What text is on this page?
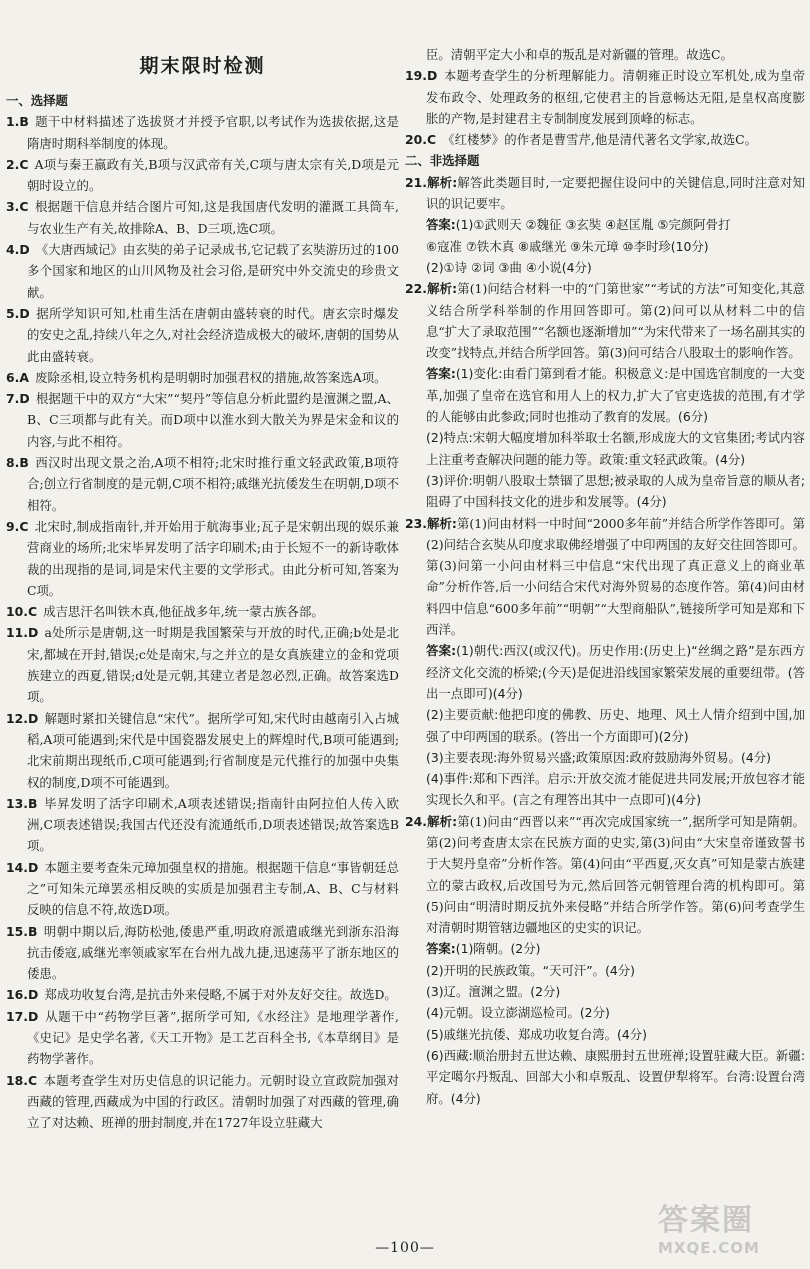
期末限时检测
一、选择题
1.B  题干中材料描述了选拔贤才并授予官职,以考试作为选拔依据,这是隋唐时期科举制度的体现。
2.C  A项与秦王嬴政有关,B项与汉武帝有关,C项与唐太宗有关,D项是元朝时设立的。
3.C  根据题干信息并结合图片可知,这是我国唐代发明的灌溉工具筒车,与农业生产有关,故排除A、B、D三项,选C项。
4.D  《大唐西域记》由玄奘的弟子记录成书,它记载了玄奘游历过的100多个国家和地区的山川风物及社会习俗,是研究中外交流史的珍贵文献。
5.D  据所学知识可知,杜甫生活在唐朝由盛转衰的时代。唐玄宗时爆发的安史之乱,持续八年之久,对社会经济造成极大的破坏,唐朝的国势从此由盛转衰。
6.A  废除丞相,设立特务机构是明朝时加强君权的措施,故答案选A项。
7.D  根据题干中的双方“大宋”“契丹”等信息分析此盟约是澶渊之盟,A、B、C三项都与此有关。而D项中以淮水到大散关为界是宋金和议的内容,与此不相符。
8.B  西汉时出现文景之治,A项不相符;北宋时推行重文轻武政策,B项符合;创立行省制度的是元朝,C项不相符;戚继光抗倭发生在明朝,D项不相符。
9.C  北宋时,制成指南针,并开始用于航海事业;瓦子是宋朝出现的娱乐兼营商业的场所;北宋毕昇发明了活字印刷术;由于长短不一的新诗歌体裁的出现指的是词,词是宋代主要的文学形式。由此分析可知,答案为C项。
10.C  成吉思汗名叫铁木真,他征战多年,统一蒙古族各部。
11.D  a处所示是唐朝,这一时期是我国繁荣与开放的时代,正确;b处是北宋,都城在开封,错误;c处是南宋,与之并立的是女真族建立的金和党项族建立的西夏,错误;d处是元朝,其建立者是忽必烈,正确。故答案选D项。
12.D  解题时紧扣关键信息“宋代”。据所学可知,宋代时由越南引入占城稻,A项可能遇到;宋代是中国瓷器发展史上的辉煌时代,B项可能遇到;北宋前期出现纸币,C项可能遇到;行省制度是元代推行的加强中央集权的制度,D项不可能遇到。
13.B  毕昇发明了活字印刷术,A项表述错误;指南针由阿拉伯人传入欧洲,C项表述错误;我国古代还没有流通纸币,D项表述错误;故答案选B项。
14.D  本题主要考查朱元璋加强皇权的措施。根据题干信息“事皆朝廷总之”可知朱元璋罢丞相反映的实质是加强君主专制,A、B、C与材料反映的信息不符,故选D项。
15.B  明朝中期以后,海防松弛,倭患严重,明政府派遣戚继光到浙东沿海抗击倭寇,戚继光率领戚家军在台州九战九捷,迅速荡平了浙东地区的倭患。
16.D  郑成功收复台湾,是抗击外来侵略,不属于对外友好交往。故选D。
17.D  从题干中“药物学巨著”,据所学可知,《水经注》是地理学著作,《史记》是史学名著,《天工开物》是工艺百科全书,《本草纲目》是药物学著作。
18.C  本题考查学生对历史信息的识记能力。元朝时设立宣政院加强对西藏的管理,西藏成为中国的行政区。清朝时加强了对西藏的管理,确立了对达赖、班禅的册封制度,并在1727年设立驻藏大
臣。清朝平定大小和卓的叛乱是对新疆的管理。故选C。
19.D  本题考查学生的分析理解能力。清朝雍正时设立军机处,成为皇帝发布政令、处理政务的枢纽,它使君主的旨意畅达无阻,是皇权高度膨胀的产物,是封建君主专制制度发展到顶峰的标志。
20.C  《红楼梦》的作者是曹雪芹,他是清代著名文学家,故选C。
二、非选择题
21.解析:解答此类题目时,一定要把握住设问中的关键信息,同时注意对知识的识记要牢。
答案:(1)①武则天 ②魏征 ③玄奘 ④赵匡胤 ⑤完颜阿骨打
⑥寇准 ⑦铁木真 ⑧戚继光 ⑨朱元璋 ⑩李时珍(10分)
(2)①诗 ②词 ③曲 ④小说(4分)
22.解析:第(1)问结合材料一中的“门第世家”“考试的方法”可知变化,其意义结合所学科举制的作用回答即可。第(2)问可以从材料二中的信息“扩大了录取范围”“名额也逐渐增加”“为宋代带来了一场名副其实的改变”找特点,并结合所学回答。第(3)问可结合八股取士的影响作答。
答案:(1)变化:由看门第到看才能。积极意义:是中国选官制度的一大变革,加强了皇帝在选官和用人上的权力,扩大了官吏选拔的范围,有才学的人能够由此参政;同时也推动了教育的发展。(6分)
(2)特点:宋朝大幅度增加科举取士名额,形成庞大的文官集团;考试内容上注重考查解决问题的能力等。政策:重文轻武政策。(4分)
(3)评价:明朝八股取士禁锢了思想;被录取的人成为皇帝旨意的顺从者;阻碍了中国科技文化的进步和发展等。(4分)
23.解析:第(1)问由材料一中时间“2000多年前”并结合所学作答即可。第(2)问结合玄奘从印度求取佛经增强了中印两国的友好交往回答即可。第(3)问第一小问由材料三中信息“宋代出现了真正意义上的商业革命”分析作答,后一小问结合宋代对海外贸易的态度作答。第(4)问由材料四中信息“600多年前”“明朝”“大型商船队”,链接所学可知是郑和下西洋。
答案:(1)朝代:西汉(或汉代)。历史作用:(历史上)“丝绸之路”是东西方经济文化交流的桥梁;(今天)是促进沿线国家繁荣发展的重要纽带。(答出一点即可)(4分)
(2)主要贡献:他把印度的佛教、历史、地理、风土人情介绍到中国,加强了中印两国的联系。(答出一个方面即可)(2分)
(3)主要表现:海外贸易兴盛;政策原因:政府鼓励海外贸易。(4分)
(4)事件:郑和下西洋。启示:开放交流才能促进共同发展;开放包容才能实现长久和平。(言之有理答出其中一点即可)(4分)
24.解析:第(1)问由“西晋以来”“再次完成国家统一”,据所学可知是隋朝。第(2)问考查唐太宗在民族方面的史实,第(3)问由“大宋皇帝谨致誓书于大契丹皇帝”分析作答。第(4)问由“平西夏,灭女真”可知是蒙古族建立的蒙古政权,后改国号为元,然后回答元朝管理台湾的机构即可。第(5)问由“明清时期反抗外来侵略”并结合所学作答。第(6)问考查学生对清朝时期管辖边疆地区的史实的识记。
答案:(1)隋朝。(2分)
(2)开明的民族政策。“天可汗”。(4分)
(3)辽。澶渊之盟。(2分)
(4)元朝。设立澎湖巡检司。(2分)
(5)戚继光抗倭、郑成功收复台湾。(4分)
(6)西藏:顺治册封五世达赖、康熙册封五世班禅;设置驻藏大臣。新疆:平定噶尔丹叛乱、回部大小和卓叛乱、设置伊犁将军。台湾:设置台湾府。(4分)
—100—
答案圈
MXQE.COM
